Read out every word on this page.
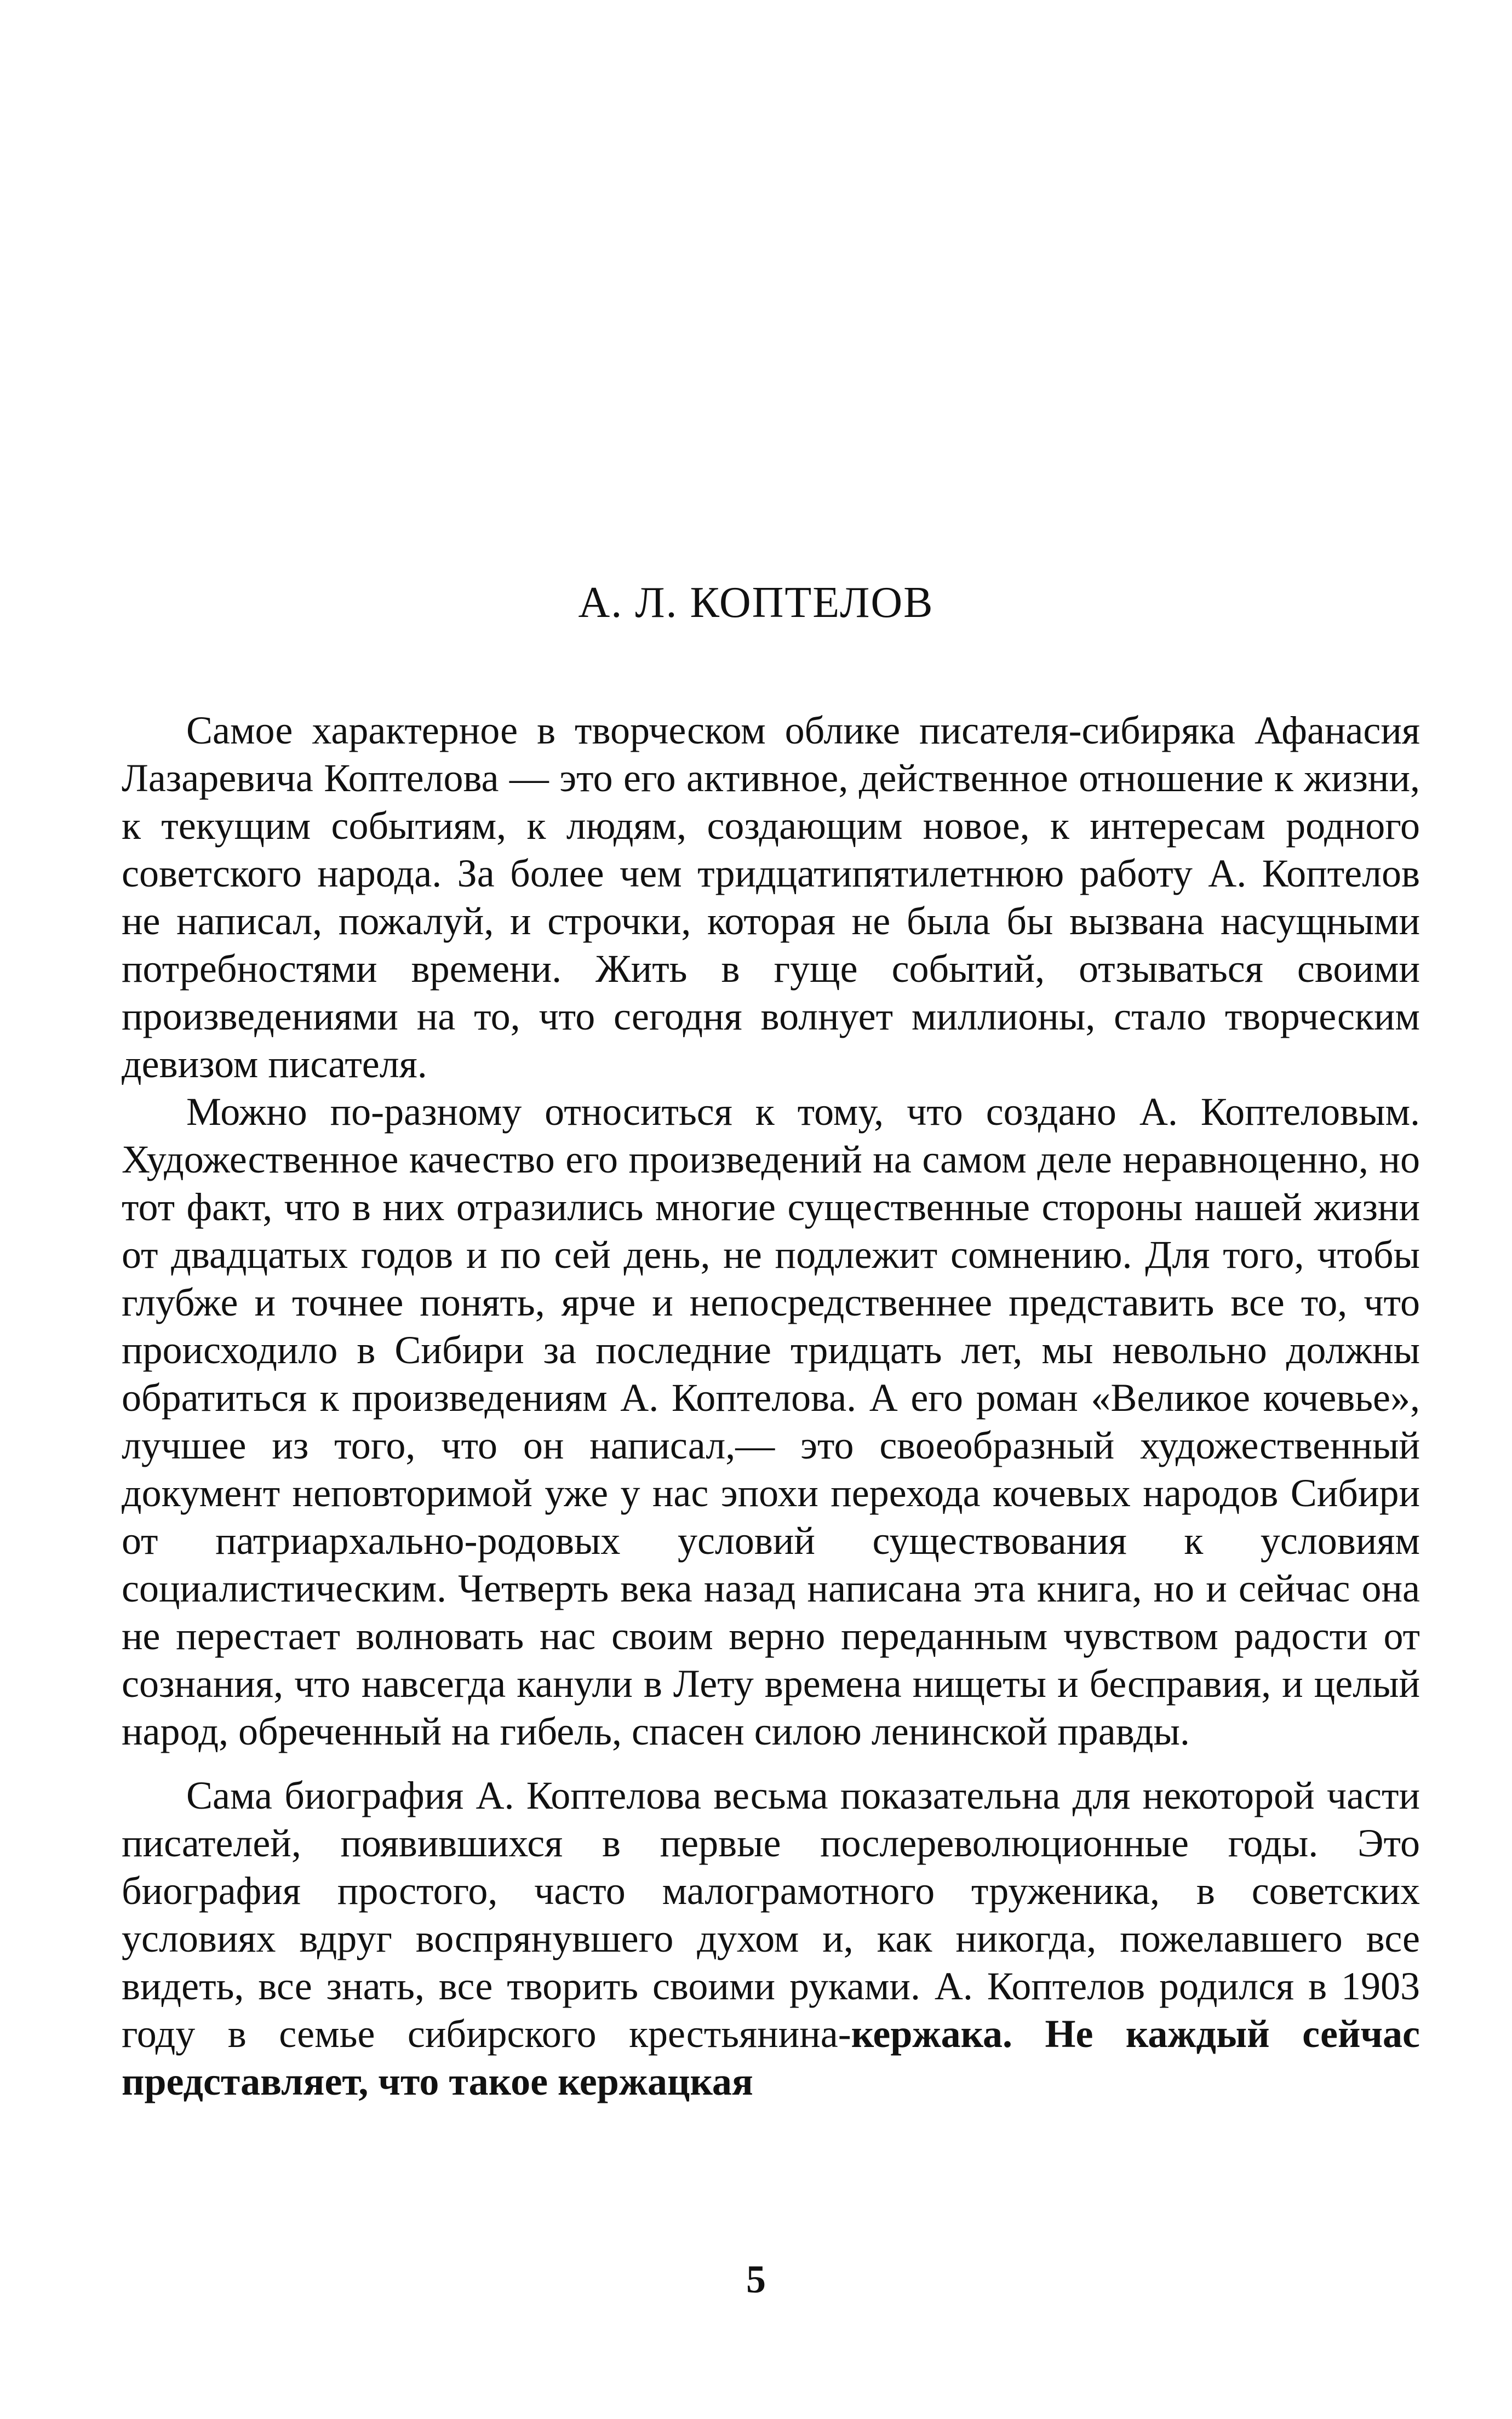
А. Л. КОПТЕЛОВ

Самое характерное в творческом облике писателя-сибиряка Афанасия Лазаревича Коптелова — это его активное, действенное отношение к жизни, к текущим событиям, к людям, создающим новое, к интересам родного советского народа. За более чем тридцатипятилетнюю работу А. Коптелов не написал, пожалуй, и строчки, которая не была бы вызвана насущными потребностями времени. Жить в гуще событий, отзываться своими произведениями на то, что сегодня волнует миллионы, стало творческим девизом писателя.

Можно по-разному относиться к тому, что создано А. Коптеловым. Художественное качество его произведений на самом деле неравноценно, но тот факт, что в них отразились многие существенные стороны нашей жизни от двадцатых годов и по сей день, не подлежит сомнению. Для того, чтобы глубже и точнее понять, ярче и непосредственнее представить все то, что происходило в Сибири за последние тридцать лет, мы невольно должны обратиться к произведениям А. Коптелова. А его роман «Великое кочевье», лучшее из того, что он написал,— это своеобразный художественный документ неповторимой уже у нас эпохи перехода кочевых народов Сибири от патриархально-родовых условий существования к условиям социалистическим. Четверть века назад написана эта книга, но и сейчас она не перестает волновать нас своим верно переданным чувством радости от сознания, что навсегда канули в Лету времена нищеты и бесправия, и целый народ, обреченный на гибель, спасен силою ленинской правды.

Сама биография А. Коптелова весьма показательна для некоторой части писателей, появившихся в первые послереволюционные годы. Это биография простого, часто малограмотного труженика, в советских условиях вдруг воспрянувшего духом и, как никогда, пожелавшего все видеть, все знать, все творить своими руками. А. Коптелов родился в 1903 году в семье сибирского крестьянина-кержака. Не каждый сейчас представляет, что такое кержацкая

5
